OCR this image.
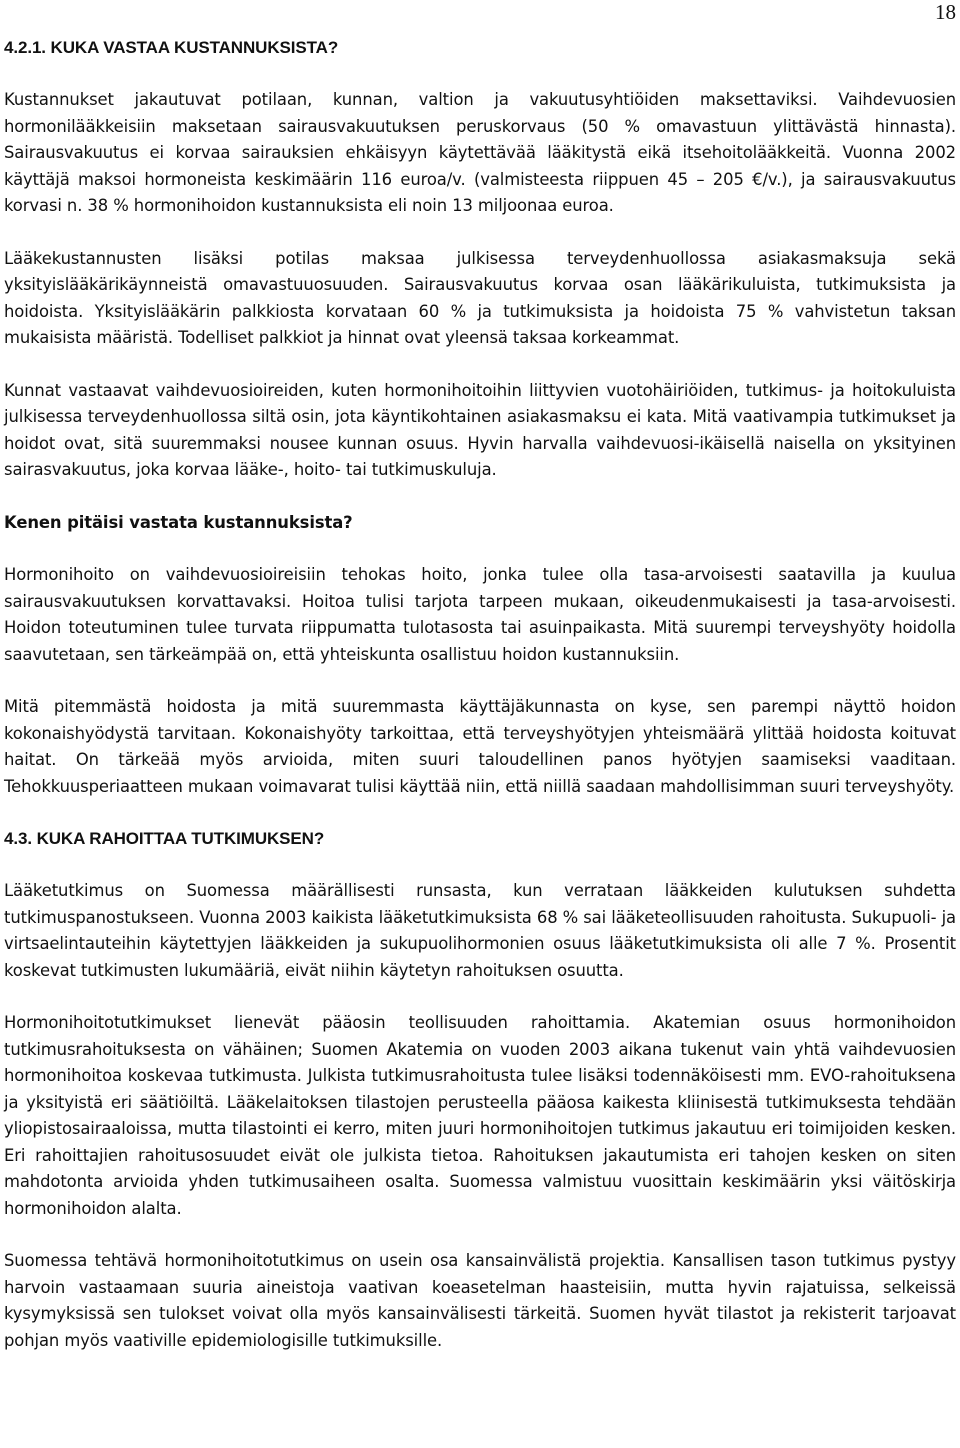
18
4.2.1. KUKA VASTAA KUSTANNUKSISTA?

Kustannukset jakautuvat potilaan, kunnan, valtion ja vakuutusyhtiöiden maksettaviksi. Vaihdevuosien hormonilääkkeisiin maksetaan sairausvakuutuksen peruskorvaus (50 % omavastuun ylittävästä hinnasta). Sairausvakuutus ei korvaa sairauksien ehkäisyyn käytettävää lääkitystä eikä itsehoitolääkkeitä. Vuonna 2002 käyttäjä maksoi hormoneista keskimäärin 116 euroa/v. (valmisteesta riippuen 45 – 205 €/v.), ja sairausvakuutus korvasi n. 38 % hormonihoidon kustannuksista eli noin 13 miljoonaa euroa.

Lääkekustannusten lisäksi potilas maksaa julkisessa terveydenhuollossa asiakasmaksuja sekä yksityislääkärikäynneistä omavastuuosuuden. Sairausvakuutus korvaa osan lääkärikuluista, tutkimuksista ja hoidoista. Yksityislääkärin palkkiosta korvataan 60 % ja tutkimuksista ja hoidoista 75 % vahvistetun taksan mukaisista määristä. Todelliset palkkiot ja hinnat ovat yleensä taksaa korkeammat.

Kunnat vastaavat vaihdevuosioireiden, kuten hormonihoitoihin liittyvien vuotohäiriöiden, tutkimus- ja hoitokuluista julkisessa terveydenhuollossa siltä osin, jota käyntikohtainen asiakasmaksu ei kata. Mitä vaativampia tutkimukset ja hoidot ovat, sitä suuremmaksi nousee kunnan osuus. Hyvin harvalla vaihdevuosi-ikäisellä naisella on yksityinen sairasvakuutus, joka korvaa lääke-, hoito- tai tutkimuskuluja.

Kenen pitäisi vastata kustannuksista?

Hormonihoito on vaihdevuosioireisiin tehokas hoito, jonka tulee olla tasa-arvoisesti saatavilla ja kuulua sairausvakuutuksen korvattavaksi. Hoitoa tulisi tarjota tarpeen mukaan, oikeudenmukaisesti ja tasa-arvoisesti. Hoidon toteutuminen tulee turvata riippumatta tulotasosta tai asuinpaikasta. Mitä suurempi terveyshyöty hoidolla saavutetaan, sen tärkeämpää on, että yhteiskunta osallistuu hoidon kustannuksiin.

Mitä pitemmästä hoidosta ja mitä suuremmasta käyttäjäkunnasta on kyse, sen parempi näyttö hoidon kokonaishyödystä tarvitaan. Kokonaishyöty tarkoittaa, että terveyshyötyjen yhteismäärä ylittää hoidosta koituvat haitat. On tärkeää myös arvioida, miten suuri taloudellinen panos hyötyjen saamiseksi vaaditaan. Tehokkuusperiaatteen mukaan voimavarat tulisi käyttää niin, että niillä saadaan mahdollisimman suuri terveyshyöty.

4.3. KUKA RAHOITTAA TUTKIMUKSEN?

Lääketutkimus on Suomessa määrällisesti runsasta, kun verrataan lääkkeiden kulutuksen suhdetta tutkimuspanostukseen. Vuonna 2003 kaikista lääketutkimuksista 68 % sai lääketeollisuuden rahoitusta. Sukupuoli- ja virtsaelintauteihin käytettyjen lääkkeiden ja sukupuolihormonien osuus lääketutkimuksista oli alle 7 %. Prosentit koskevat tutkimusten lukumääriä, eivät niihin käytetyn rahoituksen osuutta.

Hormonihoitotutkimukset lienevät pääosin teollisuuden rahoittamia. Akatemian osuus hormonihoidon tutkimusrahoituksesta on vähäinen; Suomen Akatemia on vuoden 2003 aikana tukenut vain yhtä vaihdevuosien hormonihoitoa koskevaa tutkimusta. Julkista tutkimusrahoitusta tulee lisäksi todennäköisesti mm. EVO-rahoituksena ja yksityistä eri säätiöiltä. Lääkelaitoksen tilastojen perusteella pääosa kaikesta kliinisestä tutkimuksesta tehdään yliopistosairaaloissa, mutta tilastointi ei kerro, miten juuri hormonihoitojen tutkimus jakautuu eri toimijoiden kesken. Eri rahoittajien rahoitusosuudet eivät ole julkista tietoa. Rahoituksen jakautumista eri tahojen kesken on siten mahdotonta arvioida yhden tutkimusaiheen osalta. Suomessa valmistuu vuosittain keskimäärin yksi väitöskirja hormonihoidon alalta.

Suomessa tehtävä hormonihoitotutkimus on usein osa kansainvälistä projektia. Kansallisen tason tutkimus pystyy harvoin vastaamaan suuria aineistoja vaativan koeasetelman haasteisiin, mutta hyvin rajatuissa, selkeissä kysymyksissä sen tulokset voivat olla myös kansainvälisesti tärkeitä. Suomen hyvät tilastot ja rekisterit tarjoavat pohjan myös vaativille epidemiologisille tutkimuksille.
